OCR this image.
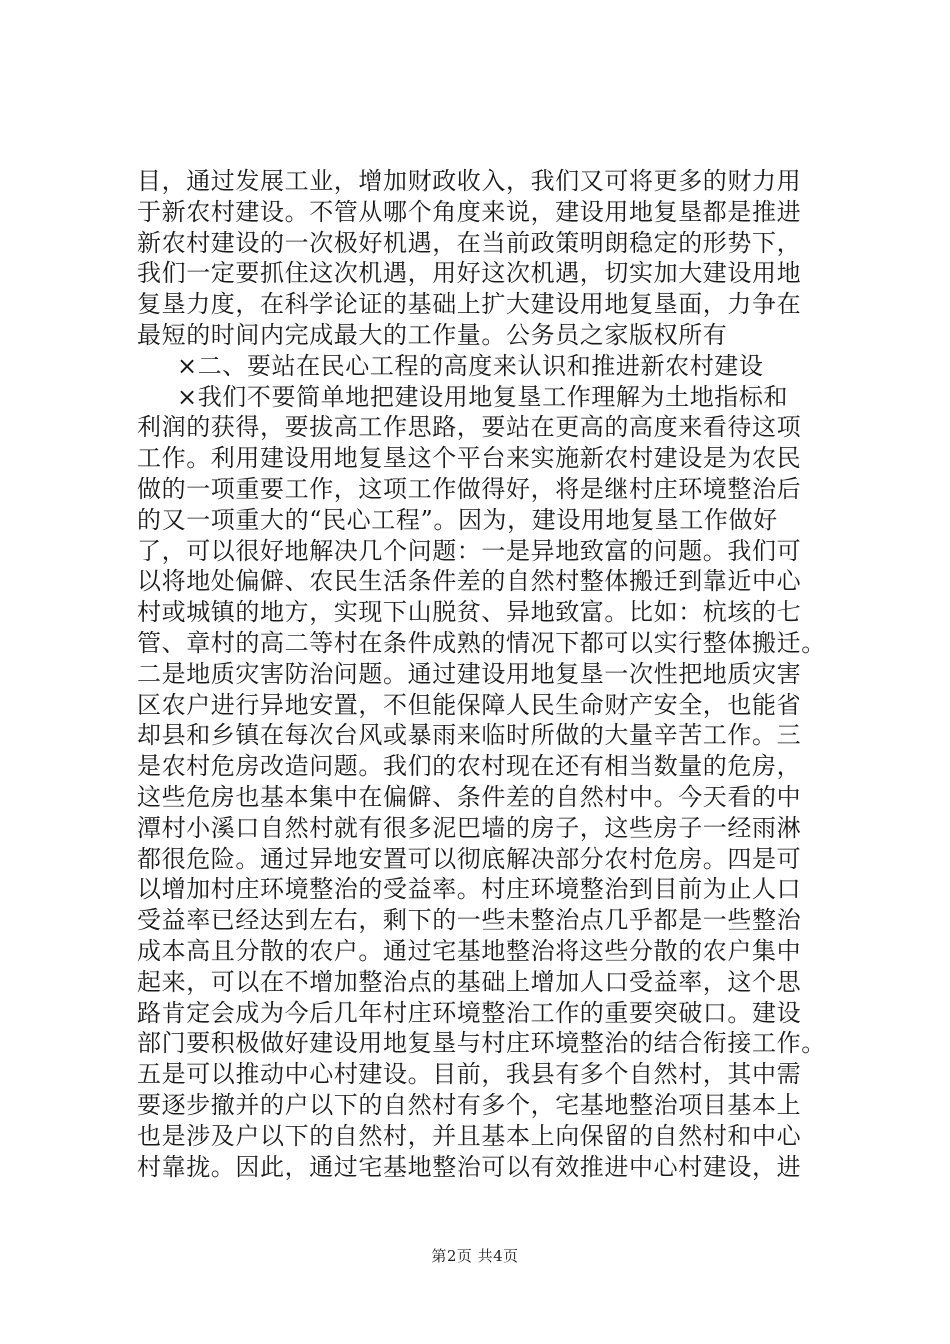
目，通过发展工业，增加财政收入，我们又可将更多的财力用
于新农村建设。不管从哪个角度来说，建设用地复垦都是推进
新农村建设的一次极好机遇，在当前政策明朗稳定的形势下，
我们一定要抓住这次机遇，用好这次机遇，切实加大建设用地
复垦力度，在科学论证的基础上扩大建设用地复垦面，力争在
最短的时间内完成最大的工作量。公务员之家版权所有
×二、要站在民心工程的高度来认识和推进新农村建设
×我们不要简单地把建设用地复垦工作理解为土地指标和
利润的获得，要拔高工作思路，要站在更高的高度来看待这项
工作。利用建设用地复垦这个平台来实施新农村建设是为农民
做的一项重要工作，这项工作做得好，将是继村庄环境整治后
的又一项重大的“民心工程”。因为，建设用地复垦工作做好
了，可以很好地解决几个问题：一是异地致富的问题。我们可
以将地处偏僻、农民生活条件差的自然村整体搬迁到靠近中心
村或城镇的地方，实现下山脱贫、异地致富。比如：杭垓的七
管、章村的高二等村在条件成熟的情况下都可以实行整体搬迁。
二是地质灾害防治问题。通过建设用地复垦一次性把地质灾害
区农户进行异地安置，不但能保障人民生命财产安全，也能省
却县和乡镇在每次台风或暴雨来临时所做的大量辛苦工作。三
是农村危房改造问题。我们的农村现在还有相当数量的危房，
这些危房也基本集中在偏僻、条件差的自然村中。今天看的中
潭村小溪口自然村就有很多泥巴墙的房子，这些房子一经雨淋
都很危险。通过异地安置可以彻底解决部分农村危房。四是可
以增加村庄环境整治的受益率。村庄环境整治到目前为止人口
受益率已经达到左右，剩下的一些未整治点几乎都是一些整治
成本高且分散的农户。通过宅基地整治将这些分散的农户集中
起来，可以在不增加整治点的基础上增加人口受益率，这个思
路肯定会成为今后几年村庄环境整治工作的重要突破口。建设
部门要积极做好建设用地复垦与村庄环境整治的结合衔接工作。
五是可以推动中心村建设。目前，我县有多个自然村，其中需
要逐步撤并的户以下的自然村有多个，宅基地整治项目基本上
也是涉及户以下的自然村，并且基本上向保留的自然村和中心
村靠拢。因此，通过宅基地整治可以有效推进中心村建设，进
第2页 共4页
